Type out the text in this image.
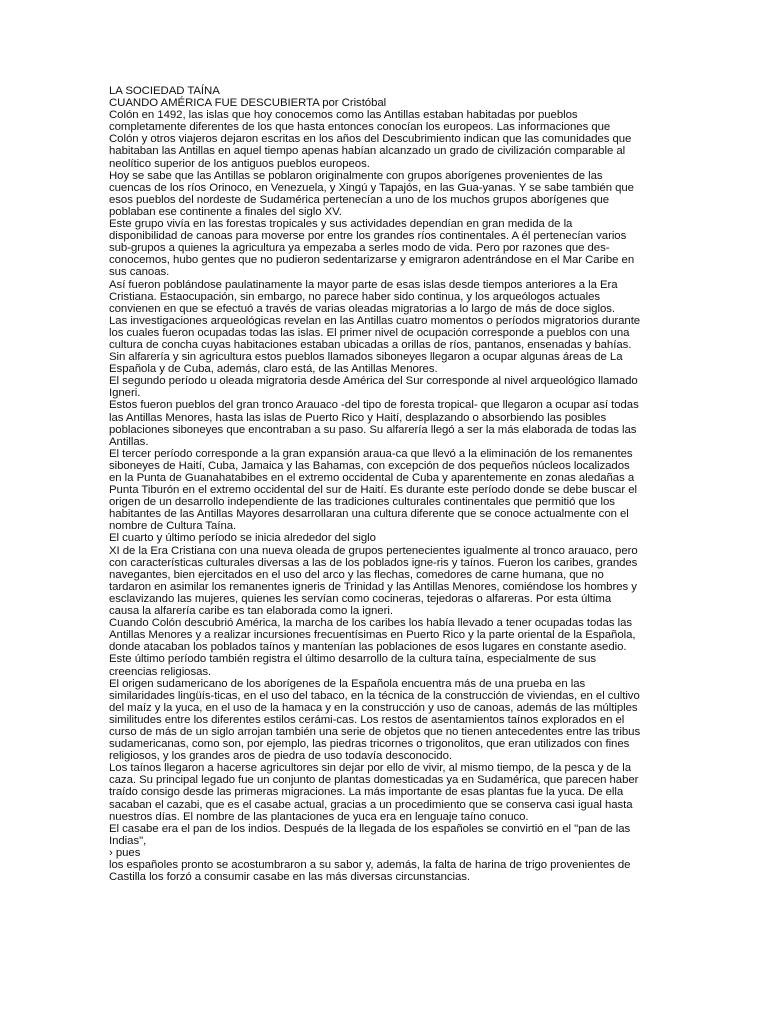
LA SOCIEDAD TAÍNA
CUANDO AMÉRICA FUE DESCUBIERTA por Cristóbal
Colón en 1492, las islas que hoy conocemos como las Antillas estaban habitadas por pueblos
completamente diferentes de los que hasta entonces conocían los europeos. Las informaciones que
Colón y otros viajeros dejaron escritas en los años del Descubrimiento indican que las comunidades que
habitaban las Antillas en aquel tiempo apenas habían alcanzado un grado de civilización comparable al
neolítico superior de los antiguos pueblos europeos.
Hoy se sabe que las Antillas se poblaron originalmente con grupos aborígenes provenientes de las
cuencas de los ríos Orinoco, en Venezuela, y Xingú y Tapajós, en las Gua-yanas. Y se sabe también que
esos pueblos del nordeste de Sudamérica pertenecían a uno de los muchos grupos aborígenes que
poblaban ese continente a finales del siglo XV.
Este grupo vivía en las forestas tropicales y sus actividades dependían en gran medida de la
disponibilidad de canoas para moverse por entre los grandes ríos continentales. A él pertenecían varios
sub-grupos a quienes la agricultura ya empezaba a serles modo de vida. Pero por razones que des-
conocemos, hubo gentes que no pudieron sedentarizarse y emigraron adentrándose en el Mar Caribe en
sus canoas.
Así fueron poblándose paulatinamente la mayor parte de esas islas desde tiempos anteriores a la Era
Cristiana. Estaocupación, sin embargo, no parece haber sido continua, y los arqueólogos actuales
convienen en que se efectuó a través de varias oleadas migratorias a lo largo de más de doce siglos.
Las investigaciones arqueológicas revelan en las Antillas cuatro momentos o períodos migratorios durante
los cuales fueron ocupadas todas las islas. El primer nivel de ocupación corresponde a pueblos con una
cultura de concha cuyas habitaciones estaban ubicadas a orillas de ríos, pantanos, ensenadas y bahías.
Sin alfarería y sin agricultura estos pueblos llamados siboneyes llegaron a ocupar algunas áreas de La
Española y de Cuba, además, claro está, de las Antillas Menores.
El segundo período u oleada migratoria desde América del Sur corresponde al nivel arqueológico llamado
Igneri.
Estos fueron pueblos del gran tronco Arauaco -del tipo de foresta tropical- que llegaron a ocupar así todas
las Antillas Menores, hasta las islas de Puerto Rico y Haití, desplazando o absorbiendo las posibles
poblaciones siboneyes que encontraban a su paso. Su alfarería llegó a ser la más elaborada de todas las
Antillas.
El tercer período corresponde a la gran expansión araua-ca que llevó a la eliminación de los remanentes
siboneyes de Haití, Cuba, Jamaica y las Bahamas, con excepción de dos pequeños núcleos localizados
en la Punta de Guanahatabibes en el extremo occidental de Cuba y aparentemente en zonas aledañas a
Punta Tiburón en el extremo occidental del sur de Haití. Es durante este período donde se debe buscar el
origen de un desarrollo independiente de las tradiciones culturales continentales que permitió que los
habitantes de las Antillas Mayores desarrollaran una cultura diferente que se conoce actualmente con el
nombre de Cultura Taína.
El cuarto y último período se inicia alrededor del siglo
XI de la Era Cristiana con una nueva oleada de grupos pertenecientes igualmente al tronco arauaco, pero
con características culturales diversas a las de los poblados igne-ris y taínos. Fueron los caribes, grandes
navegantes, bien ejercitados en el uso del arco y las flechas, comedores de carne humana, que no
tardaron en asimilar los remanentes igneris de Trinidad y las Antillas Menores, comiéndose los hombres y
esclavizando las mujeres, quienes les servían como cocineras, tejedoras o alfareras. Por esta última
causa la alfarería caribe es tan elaborada como la igneri.
Cuando Colón descubrió América, la marcha de los caribes los había llevado a tener ocupadas todas las
Antillas Menores y a realizar incursiones frecuentísimas en Puerto Rico y la parte oriental de la Española,
donde atacaban los poblados taínos y mantenían las poblaciones de esos lugares en constante asedio.
Este último período también registra el último desarrollo de la cultura taína, especialmente de sus
creencias religiosas.
El origen sudamericano de los aborígenes de la Española encuentra más de una prueba en las
similaridades lingüís-ticas, en el uso del tabaco, en la técnica de la construcción de viviendas, en el cultivo
del maíz y la yuca, en el uso de la hamaca y en la construcción y uso de canoas, además de las múltiples
similitudes entre los diferentes estilos cerámi-cas. Los restos de asentamientos taínos explorados en el
curso de más de un siglo arrojan también una serie de objetos que no tienen antecedentes entre las tribus
sudamericanas, como son, por ejemplo, las piedras tricornes o trigonolitos, que eran utilizados con fines
religiosos, y los grandes aros de piedra de uso todavía desconocido.
Los taínos llegaron a hacerse agricultores sin dejar por ello de vivir, al mismo tiempo, de la pesca y de la
caza. Su principal legado fue un conjunto de plantas domesticadas ya en Sudamérica, que parecen haber
traído consigo desde las primeras migraciones. La más importante de esas plantas fue la yuca. De ella
sacaban el cazabi, que es el casabe actual, gracias a un procedimiento que se conserva casi igual hasta
nuestros días. El nombre de las plantaciones de yuca era en lenguaje taíno conuco.
El casabe era el pan de los indios. Después de la llegada de los españoles se convirtió en el "pan de las
Indias",
› pues
los españoles pronto se acostumbraron a su sabor y, además, la falta de harina de trigo provenientes de
Castilla los forzó a consumir casabe en las más diversas circunstancias.
